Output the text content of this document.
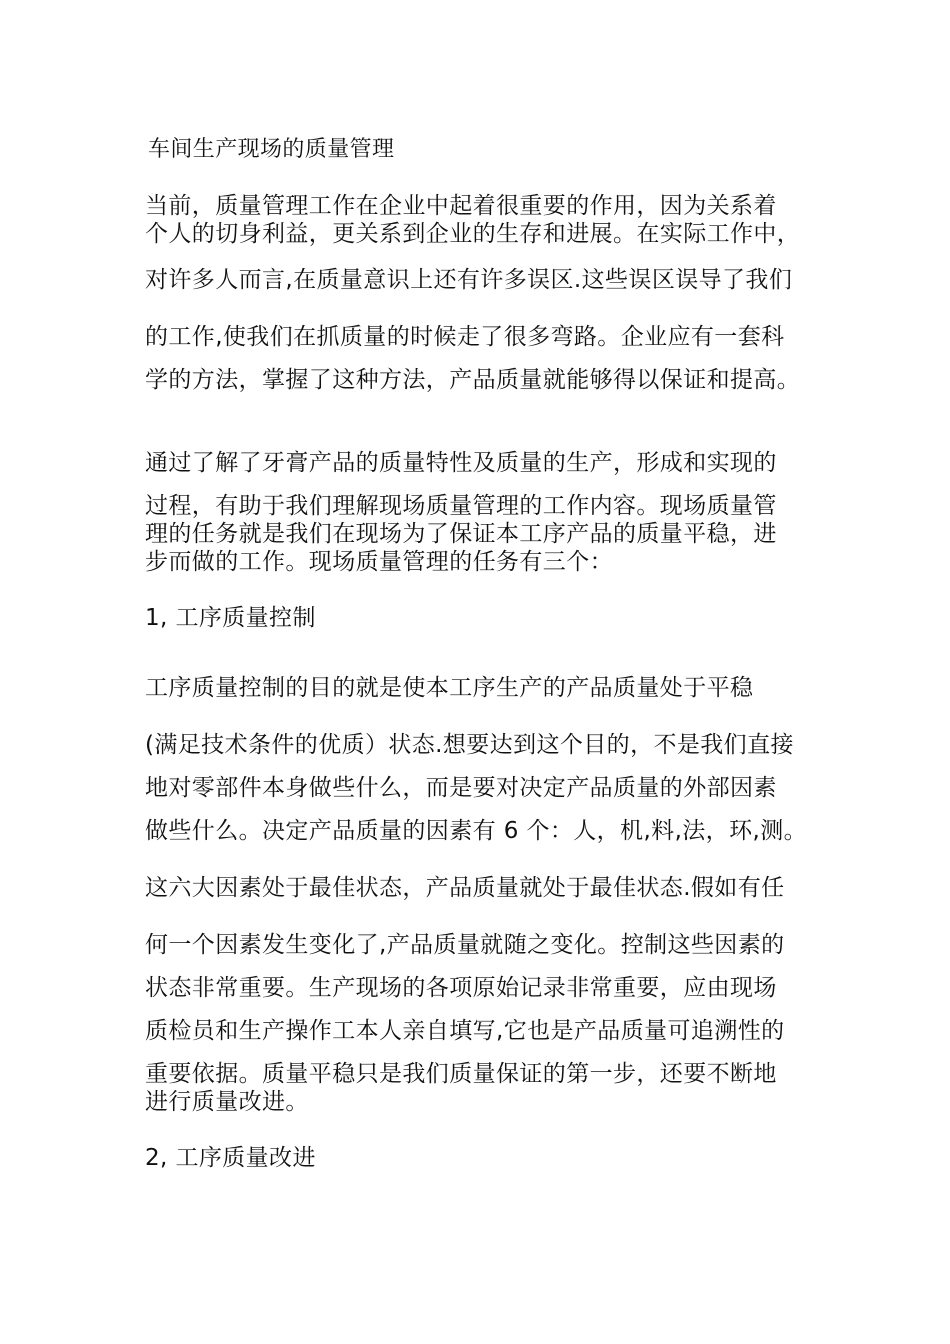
车间生产现场的质量管理
当前，质量管理工作在企业中起着很重要的作用，因为关系着
个人的切身利益，更关系到企业的生存和进展。在实际工作中，
对许多人而言,在质量意识上还有许多误区.这些误区误导了我们
的工作,使我们在抓质量的时候走了很多弯路。企业应有一套科
学的方法，掌握了这种方法，产品质量就能够得以保证和提高。
通过了解了牙膏产品的质量特性及质量的生产，形成和实现的
过程，有助于我们理解现场质量管理的工作内容。现场质量管
理的任务就是我们在现场为了保证本工序产品的质量平稳，进
步而做的工作。现场质量管理的任务有三个：
1, 工序质量控制
工序质量控制的目的就是使本工序生产的产品质量处于平稳
(满足技术条件的优质）状态.想要达到这个目的，不是我们直接
地对零部件本身做些什么，而是要对决定产品质量的外部因素
做些什么。决定产品质量的因素有 6 个：人，机,料,法，环,测。
这六大因素处于最佳状态，产品质量就处于最佳状态.假如有任
何一个因素发生变化了,产品质量就随之变化。控制这些因素的
状态非常重要。生产现场的各项原始记录非常重要，应由现场
质检员和生产操作工本人亲自填写,它也是产品质量可追溯性的
重要依据。质量平稳只是我们质量保证的第一步，还要不断地
进行质量改进。
2, 工序质量改进
